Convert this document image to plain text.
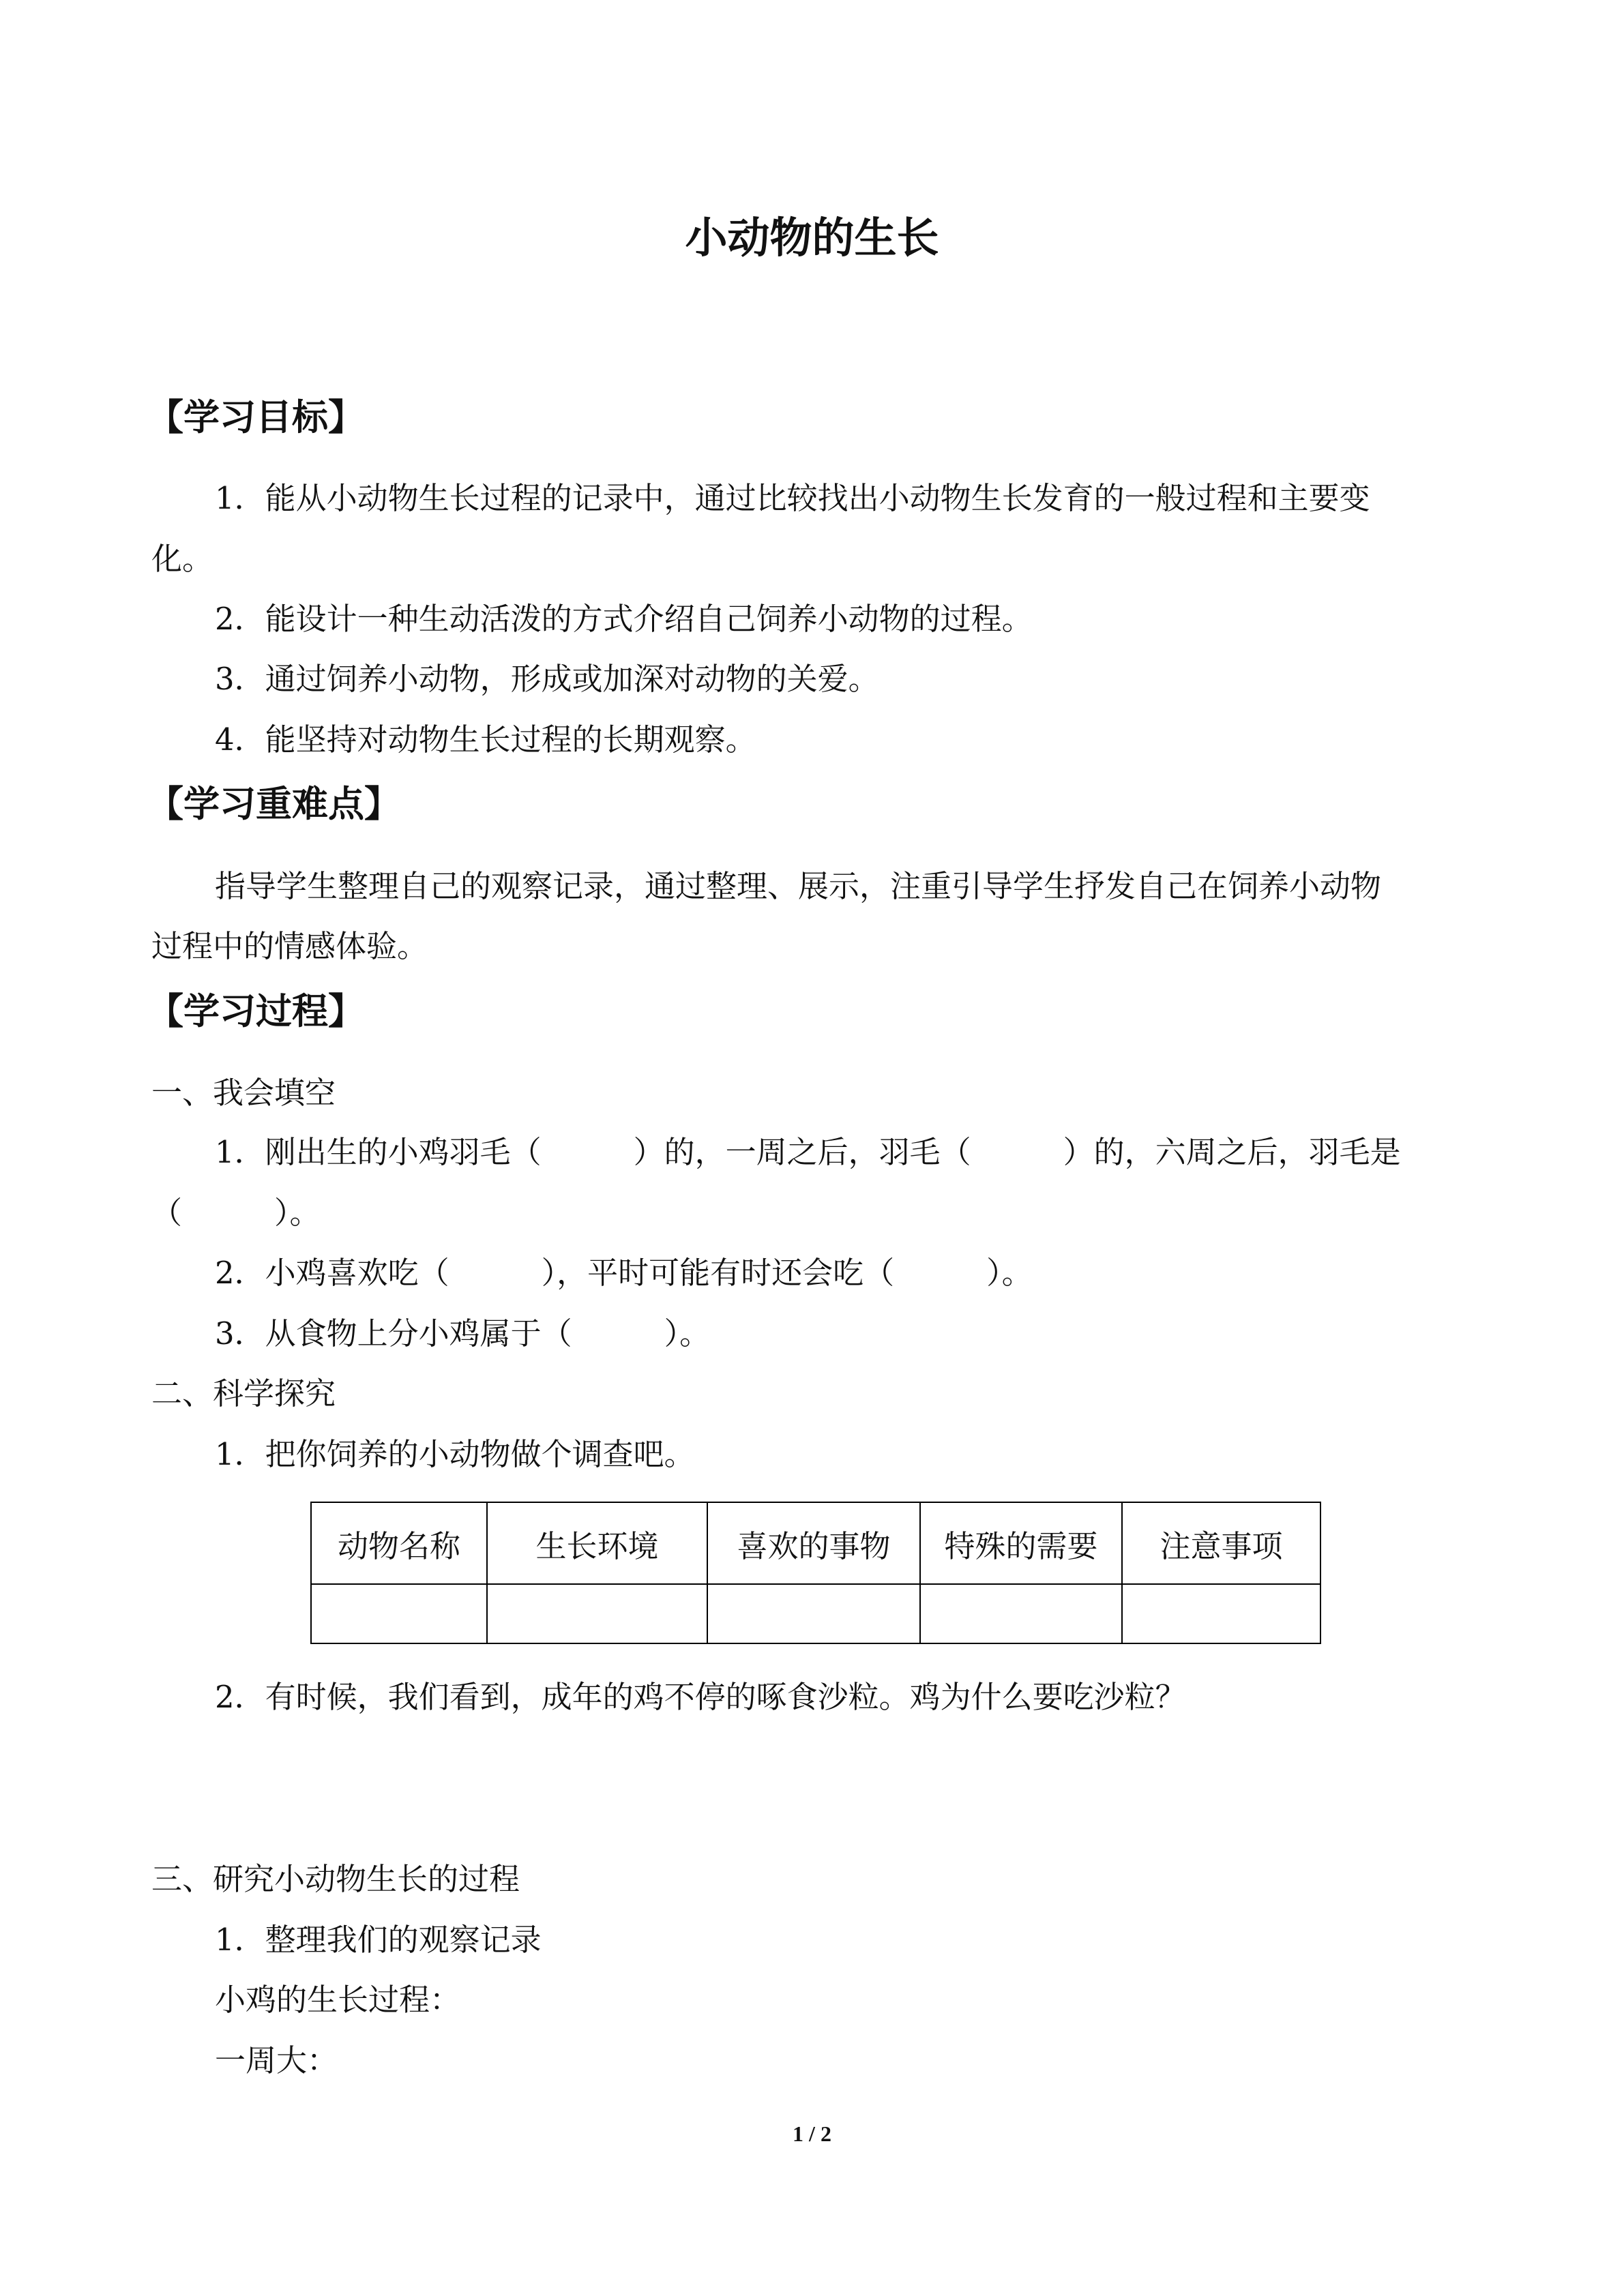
小动物的生长
【学习目标】
1．能从小动物生长过程的记录中，通过比较找出小动物生长发育的一般过程和主要变
化。
2．能设计一种生动活泼的方式介绍自己饲养小动物的过程。
3．通过饲养小动物，形成或加深对动物的关爱。
4．能坚持对动物生长过程的长期观察。
【学习重难点】
指导学生整理自己的观察记录，通过整理、展示，注重引导学生抒发自己在饲养小动物
过程中的情感体验。
【学习过程】
一、我会填空
1．刚出生的小鸡羽毛（　　　）的，一周之后，羽毛（　　　）的，六周之后，羽毛是
（　　　）。
2．小鸡喜欢吃（　　　），平时可能有时还会吃（　　　）。
3．从食物上分小鸡属于（　　　）。
二、科学探究
1．把你饲养的小动物做个调查吧。
动物名称	生长环境	喜欢的事物	特殊的需要	注意事项

2．有时候，我们看到，成年的鸡不停的啄食沙粒。鸡为什么要吃沙粒？
三、研究小动物生长的过程
1．整理我们的观察记录
小鸡的生长过程：
一周大：
1 / 2
